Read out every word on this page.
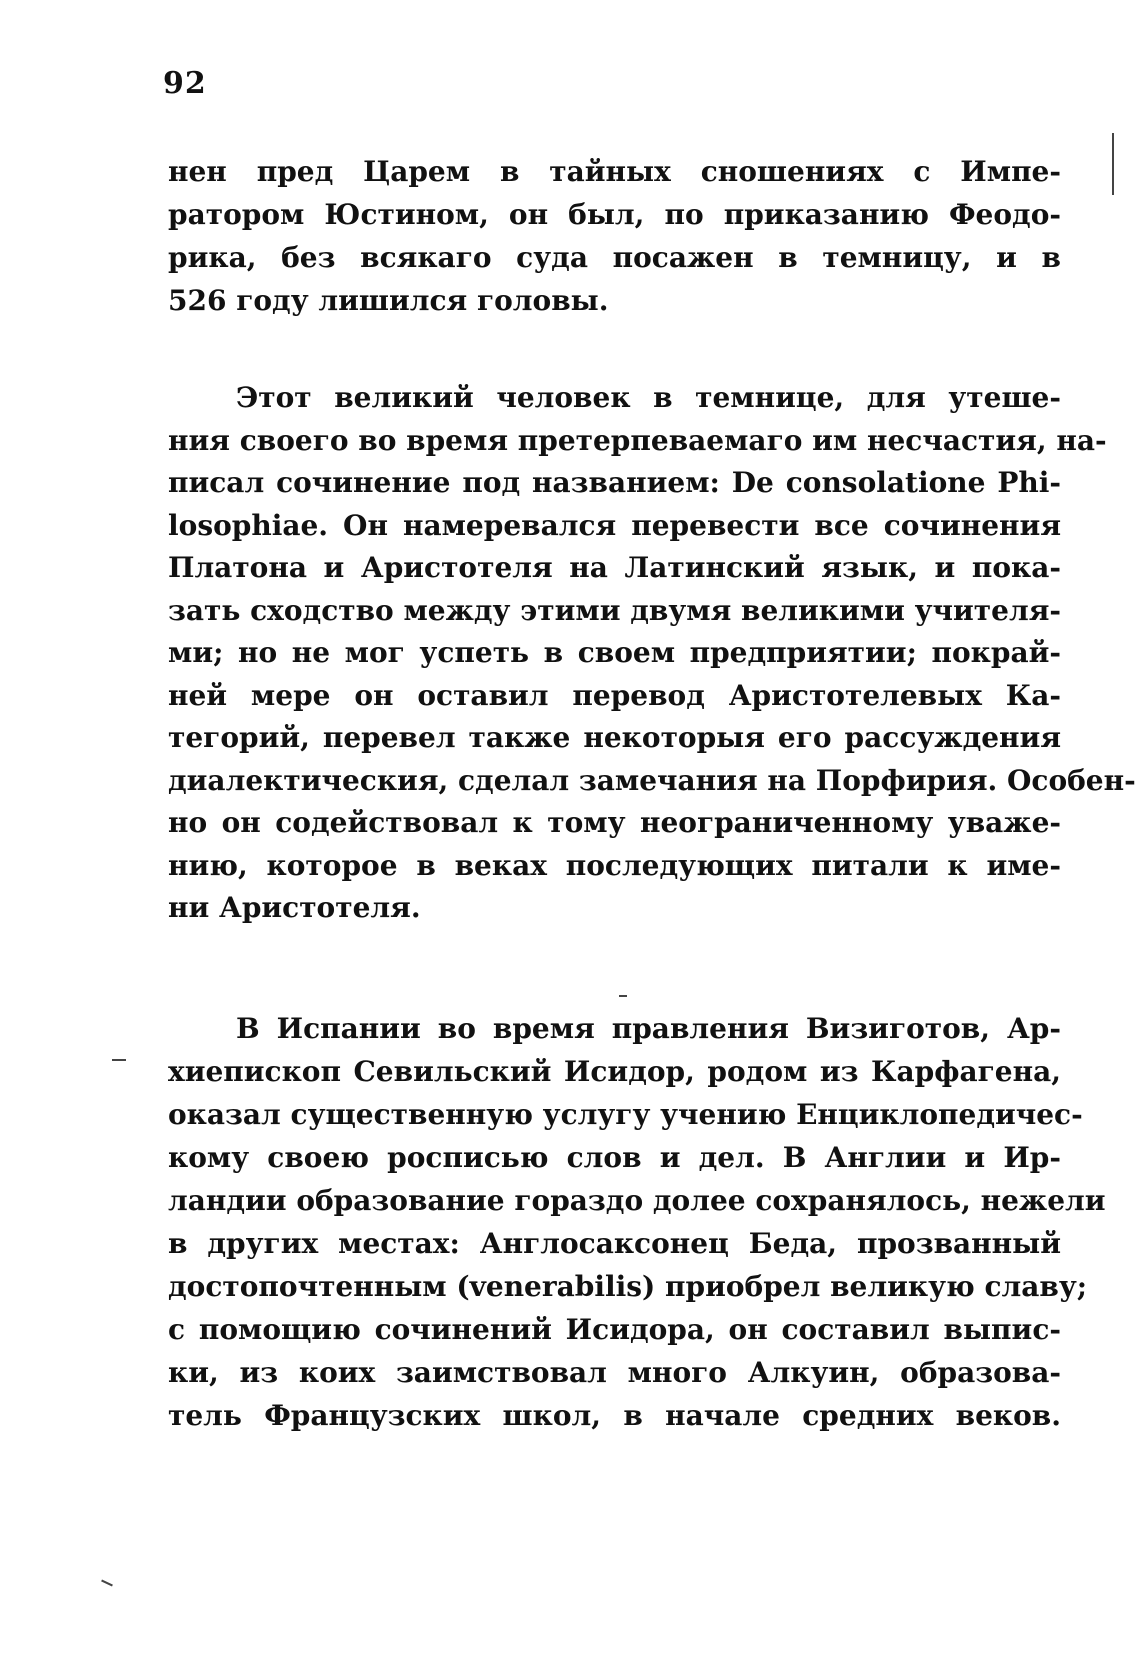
92
нен пред Царем в тайных сношениях с Импе-
ратором Юстином, он был, по приказанию Феодо-
рика, без всякаго суда посажен в темницу, и в
526 году лишился головы.
Этот великий человек в темнице, для утеше-
ния своего во время претерпеваемаго им несчастия, на-
писал сочинение под названием: De consolatione Phi-
losophiae. Он намеревался перевести все сочинения
Платона и Аристотеля на Латинский язык, и пока-
зать сходство между этими двумя великими учителя-
ми; но не мог успеть в своем предприятии; покрай-
ней мере он оставил перевод Аристотелевых Ка-
тегорий, перевел также некоторыя его рассуждения
диалектическия, сделал замечания на Порфирия. Особен-
но он содействовал к тому неограниченному уваже-
нию, которое в веках последующих питали к име-
ни Аристотеля.
В Испании во время правления Визиготов, Ар-
хиепископ Севильский Исидор, родом из Карфагена,
оказал существенную услугу учению Енциклопедичес-
кому своею росписью слов и дел. В Англии и Ир-
ландии образование гораздо долее сохранялось, нежели
в других местах: Англосаксонец Беда, прозванный
достопочтенным (venerabilis) приобрел великую славу;
с помощию сочинений Исидора, он составил выпис-
ки, из коих заимствовал много Алкуин, образова-
тель Французских школ, в начале средних веков.
